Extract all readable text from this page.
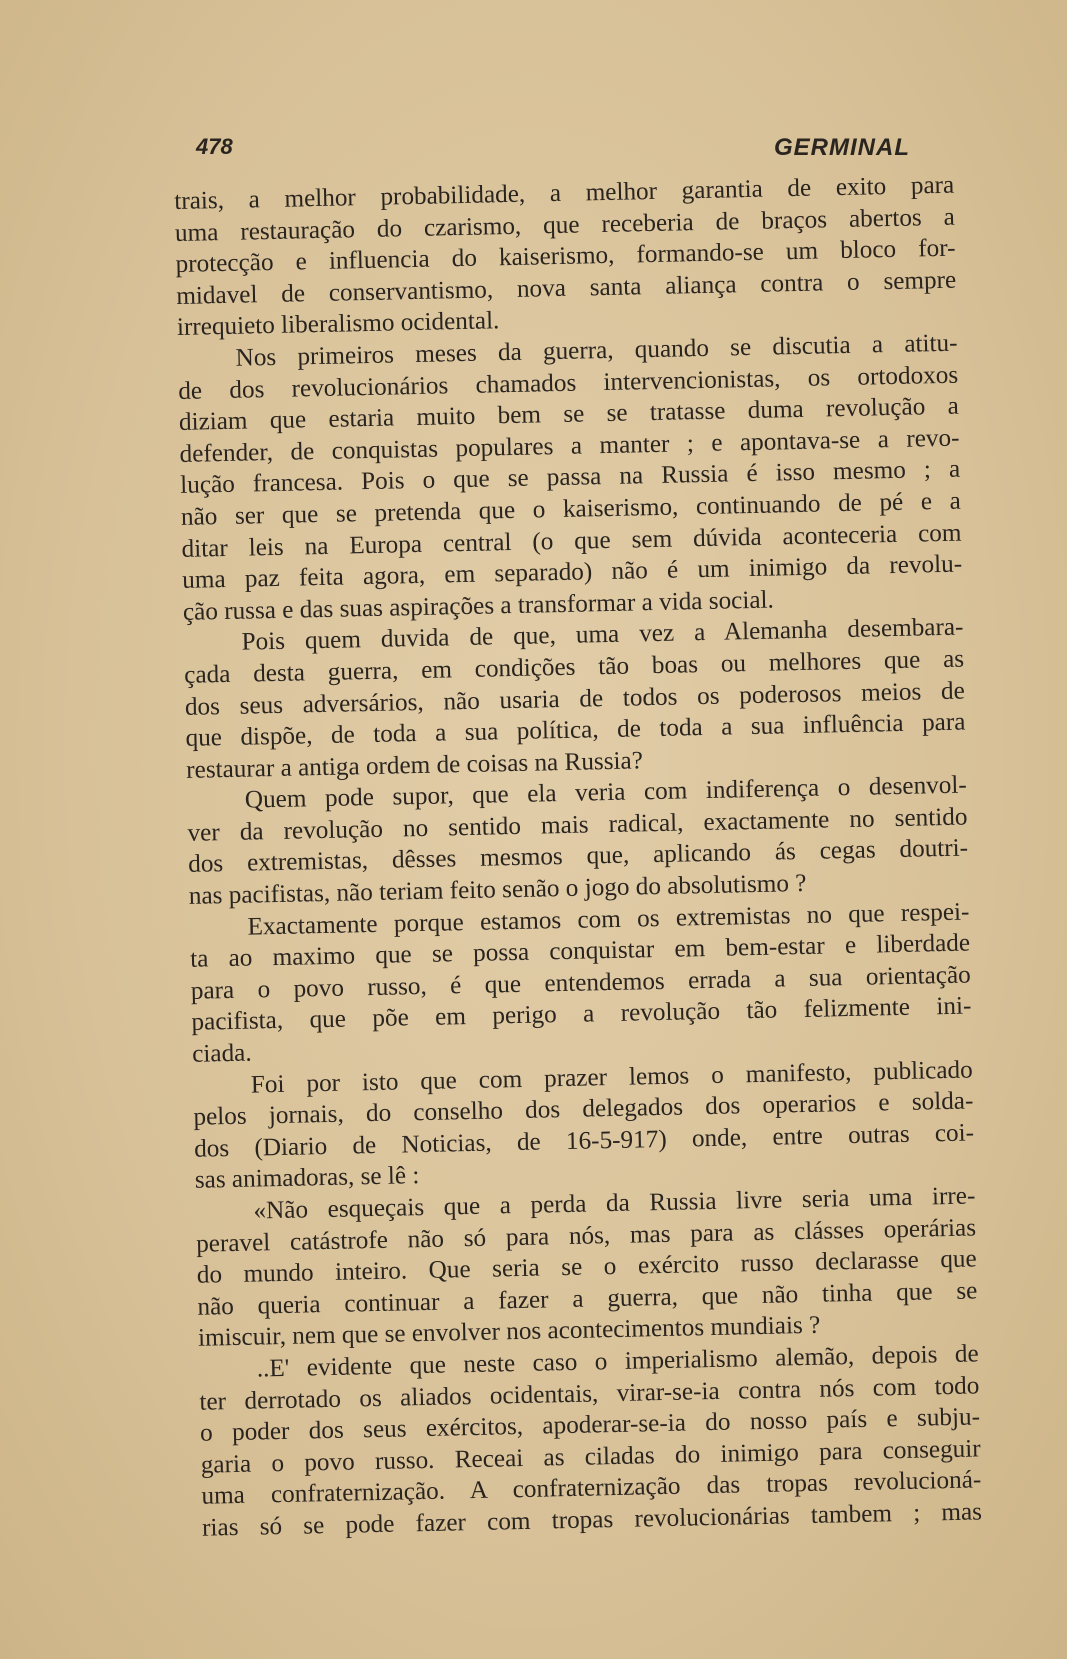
478	GERMINAL
trais, a melhor probabilidade, a melhor garantia de exito para
uma restauração do czarismo, que receberia de braços abertos a
protecção e influencia do kaiserismo, formando-se um bloco for-
midavel de conservantismo, nova santa aliança contra o sempre
irrequieto liberalismo ocidental.
Nos primeiros meses da guerra, quando se discutia a atitu-
de dos revolucionários chamados intervencionistas, os ortodoxos
diziam que estaria muito bem se se tratasse duma revolução a
defender, de conquistas populares a manter ; e apontava-se a revo-
lução francesa. Pois o que se passa na Russia é isso mesmo ; a
não ser que se pretenda que o kaiserismo, continuando de pé e a
ditar leis na Europa central (o que sem dúvida aconteceria com
uma paz feita agora, em separado) não é um inimigo da revolu-
ção russa e das suas aspirações a transformar a vida social.
Pois quem duvida de que, uma vez a Alemanha desembara-
çada desta guerra, em condições tão boas ou melhores que as
dos seus adversários, não usaria de todos os poderosos meios de
que dispõe, de toda a sua política, de toda a sua influência para
restaurar a antiga ordem de coisas na Russia?
Quem pode supor, que ela veria com indiferença o desenvol-
ver da revolução no sentido mais radical, exactamente no sentido
dos extremistas, dêsses mesmos que, aplicando ás cegas doutri-
nas pacifistas, não teriam feito senão o jogo do absolutismo ?
Exactamente porque estamos com os extremistas no que respei-
ta ao maximo que se possa conquistar em bem-estar e liberdade
para o povo russo, é que entendemos errada a sua orientação
pacifista, que põe em perigo a revolução tão felizmente ini-
ciada.
Foi por isto que com prazer lemos o manifesto, publicado
pelos jornais, do conselho dos delegados dos operarios e solda-
dos (Diario de Noticias, de 16-5-917) onde, entre outras coi-
sas animadoras, se lê :
«Não esqueçais que a perda da Russia livre seria uma irre-
peravel catástrofe não só para nós, mas para as clásses operárias
do mundo inteiro. Que seria se o exército russo declarasse que
não queria continuar a fazer a guerra, que não tinha que se
imiscuir, nem que se envolver nos acontecimentos mundiais ?
..E' evidente que neste caso o imperialismo alemão, depois de
ter derrotado os aliados ocidentais, virar-se-ia contra nós com todo
o poder dos seus exércitos, apoderar-se-ia do nosso país e subju-
garia o povo russo. Receai as ciladas do inimigo para conseguir
uma confraternização. A confraternização das tropas revolucioná-
rias só se pode fazer com tropas revolucionárias tambem ; mas
